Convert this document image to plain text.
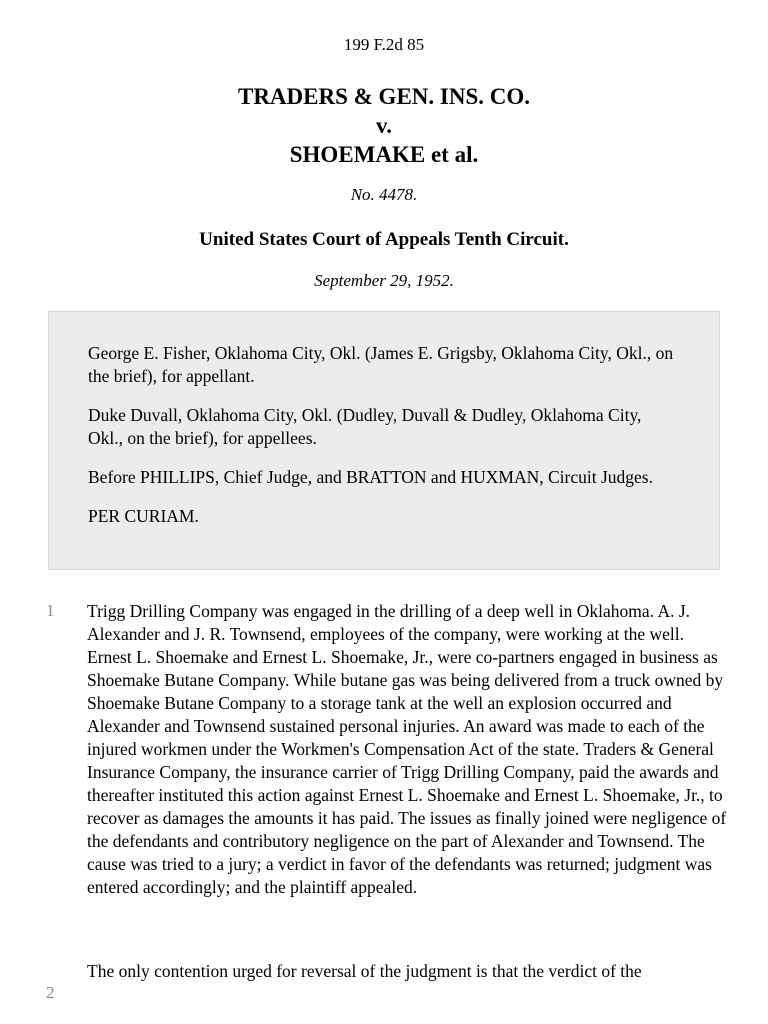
199 F.2d 85
TRADERS & GEN. INS. CO.
v.
SHOEMAKE et al.
No. 4478.
United States Court of Appeals Tenth Circuit.
September 29, 1952.

George E. Fisher, Oklahoma City, Okl. (James E. Grigsby, Oklahoma City, Okl., on the brief), for appellant.

Duke Duvall, Oklahoma City, Okl. (Dudley, Duvall & Dudley, Oklahoma City, Okl., on the brief), for appellees.

Before PHILLIPS, Chief Judge, and BRATTON and HUXMAN, Circuit Judges.

PER CURIAM.

1 Trigg Drilling Company was engaged in the drilling of a deep well in Oklahoma. A. J. Alexander and J. R. Townsend, employees of the company, were working at the well. Ernest L. Shoemake and Ernest L. Shoemake, Jr., were co-partners engaged in business as Shoemake Butane Company. While butane gas was being delivered from a truck owned by Shoemake Butane Company to a storage tank at the well an explosion occurred and Alexander and Townsend sustained personal injuries. An award was made to each of the injured workmen under the Workmen's Compensation Act of the state. Traders & General Insurance Company, the insurance carrier of Trigg Drilling Company, paid the awards and thereafter instituted this action against Ernest L. Shoemake and Ernest L. Shoemake, Jr., to recover as damages the amounts it has paid. The issues as finally joined were negligence of the defendants and contributory negligence on the part of Alexander and Townsend. The cause was tried to a jury; a verdict in favor of the defendants was returned; judgment was entered accordingly; and the plaintiff appealed.

2

The only contention urged for reversal of the judgment is that the verdict of the
